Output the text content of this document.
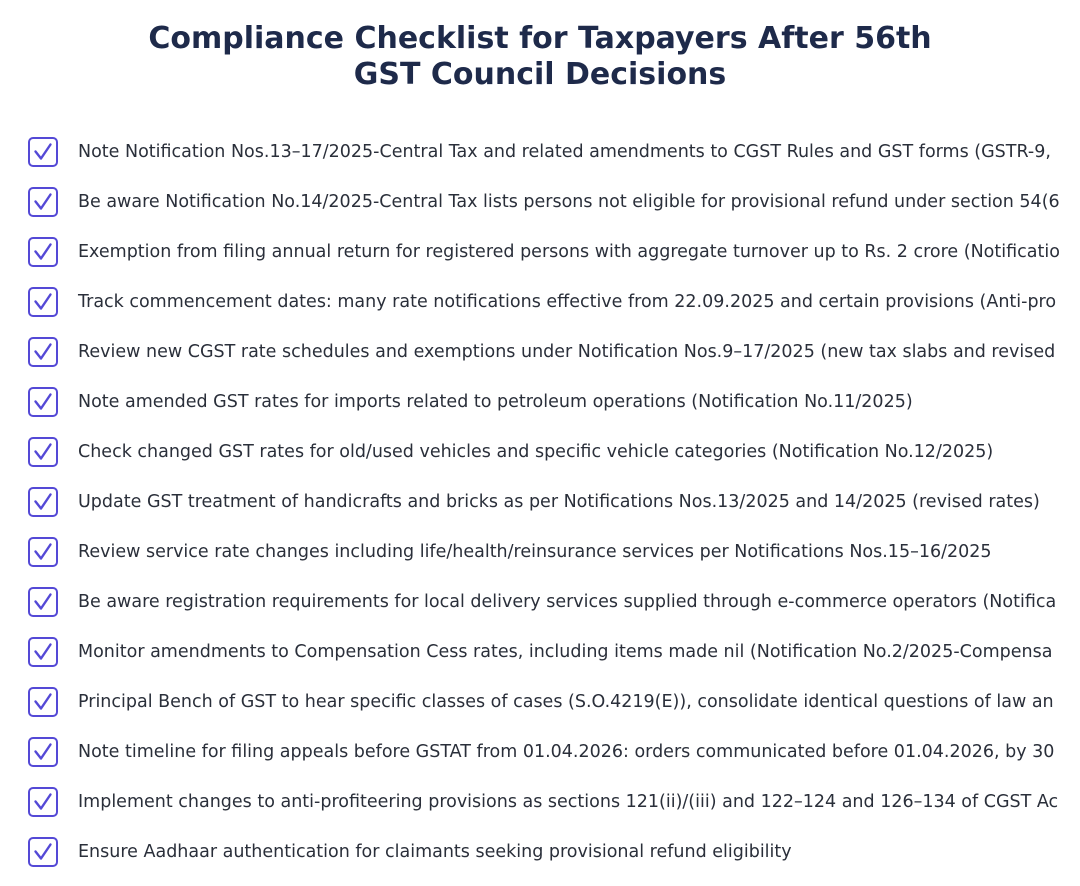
Compliance Checklist for Taxpayers After 56th
GST Council Decisions
Note Notification Nos.13–17/2025-Central Tax and related amendments to CGST Rules and GST forms (GSTR-9,
Be aware Notification No.14/2025-Central Tax lists persons not eligible for provisional refund under section 54(6
Exemption from filing annual return for registered persons with aggregate turnover up to Rs. 2 crore (Notificatio
Track commencement dates: many rate notifications effective from 22.09.2025 and certain provisions (Anti-pro
Review new CGST rate schedules and exemptions under Notification Nos.9–17/2025 (new tax slabs and revised
Note amended GST rates for imports related to petroleum operations (Notification No.11/2025)
Check changed GST rates for old/used vehicles and specific vehicle categories (Notification No.12/2025)
Update GST treatment of handicrafts and bricks as per Notifications Nos.13/2025 and 14/2025 (revised rates)
Review service rate changes including life/health/reinsurance services per Notifications Nos.15–16/2025
Be aware registration requirements for local delivery services supplied through e-commerce operators (Notifica
Monitor amendments to Compensation Cess rates, including items made nil (Notification No.2/2025-Compensa
Principal Bench of GST to hear specific classes of cases (S.O.4219(E)), consolidate identical questions of law an
Note timeline for filing appeals before GSTAT from 01.04.2026: orders communicated before 01.04.2026, by 30
Implement changes to anti-profiteering provisions as sections 121(ii)/(iii) and 122–124 and 126–134 of CGST Ac
Ensure Aadhaar authentication for claimants seeking provisional refund eligibility
